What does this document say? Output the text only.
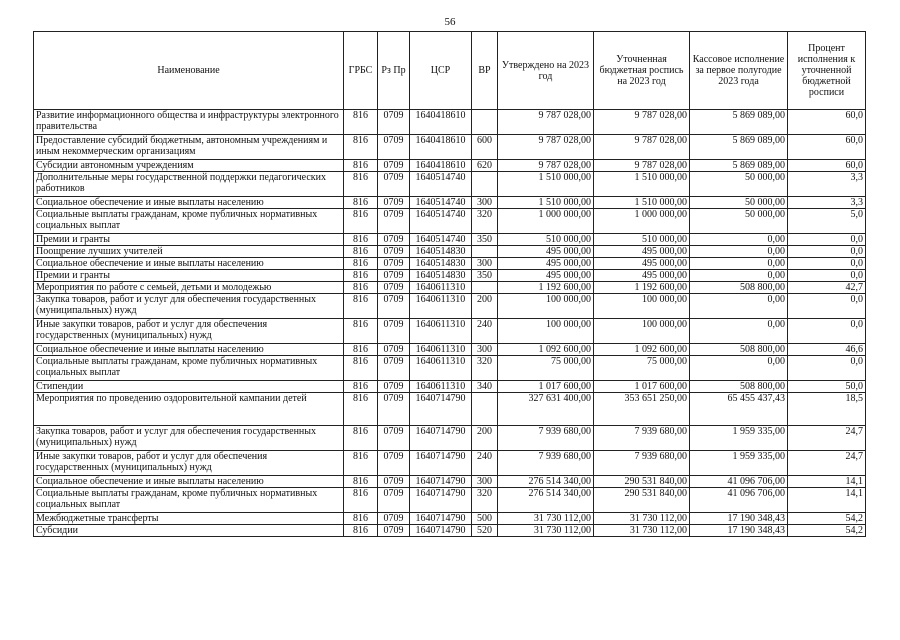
56
Наименование	ГРБС	Рз Пр	ЦСР	ВР	Утверждено на 2023 год	Уточненная бюджетная роспись на 2023 год	Кассовое исполнение за первое полугодие 2023 года	Процент исполнения к уточненной бюджетной росписи
Развитие информационного общества и инфраструктуры электронного правительства	816	0709	1640418610		9 787 028,00	9 787 028,00	5 869 089,00	60,0
Предоставление субсидий бюджетным, автономным учреждениям и иным некоммерческим организациям	816	0709	1640418610	600	9 787 028,00	9 787 028,00	5 869 089,00	60,0
Субсидии автономным учреждениям	816	0709	1640418610	620	9 787 028,00	9 787 028,00	5 869 089,00	60,0
Дополнительные меры государственной поддержки педагогических работников	816	0709	1640514740		1 510 000,00	1 510 000,00	50 000,00	3,3
Социальное обеспечение и иные выплаты населению	816	0709	1640514740	300	1 510 000,00	1 510 000,00	50 000,00	3,3
Социальные выплаты гражданам, кроме публичных нормативных социальных выплат	816	0709	1640514740	320	1 000 000,00	1 000 000,00	50 000,00	5,0
Премии и гранты	816	0709	1640514740	350	510 000,00	510 000,00	0,00	0,0
Поощрение лучших учителей	816	0709	1640514830		495 000,00	495 000,00	0,00	0,0
Социальное обеспечение и иные выплаты населению	816	0709	1640514830	300	495 000,00	495 000,00	0,00	0,0
Премии и гранты	816	0709	1640514830	350	495 000,00	495 000,00	0,00	0,0
Мероприятия по работе с семьей, детьми и молодежью	816	0709	1640611310		1 192 600,00	1 192 600,00	508 800,00	42,7
Закупка товаров, работ и услуг для обеспечения государственных (муниципальных) нужд	816	0709	1640611310	200	100 000,00	100 000,00	0,00	0,0
Иные закупки товаров, работ и услуг для обеспечения государственных (муниципальных) нужд	816	0709	1640611310	240	100 000,00	100 000,00	0,00	0,0
Социальное обеспечение и иные выплаты населению	816	0709	1640611310	300	1 092 600,00	1 092 600,00	508 800,00	46,6
Социальные выплаты гражданам, кроме публичных нормативных социальных выплат	816	0709	1640611310	320	75 000,00	75 000,00	0,00	0,0
Стипендии	816	0709	1640611310	340	1 017 600,00	1 017 600,00	508 800,00	50,0
Мероприятия по проведению оздоровительной кампании детей	816	0709	1640714790		327 631 400,00	353 651 250,00	65 455 437,43	18,5
Закупка товаров, работ и услуг для обеспечения государственных (муниципальных) нужд	816	0709	1640714790	200	7 939 680,00	7 939 680,00	1 959 335,00	24,7
Иные закупки товаров, работ и услуг для обеспечения государственных (муниципальных) нужд	816	0709	1640714790	240	7 939 680,00	7 939 680,00	1 959 335,00	24,7
Социальное обеспечение и иные выплаты населению	816	0709	1640714790	300	276 514 340,00	290 531 840,00	41 096 706,00	14,1
Социальные выплаты гражданам, кроме публичных нормативных социальных выплат	816	0709	1640714790	320	276 514 340,00	290 531 840,00	41 096 706,00	14,1
Межбюджетные трансферты	816	0709	1640714790	500	31 730 112,00	31 730 112,00	17 190 348,43	54,2
Субсидии	816	0709	1640714790	520	31 730 112,00	31 730 112,00	17 190 348,43	54,2
